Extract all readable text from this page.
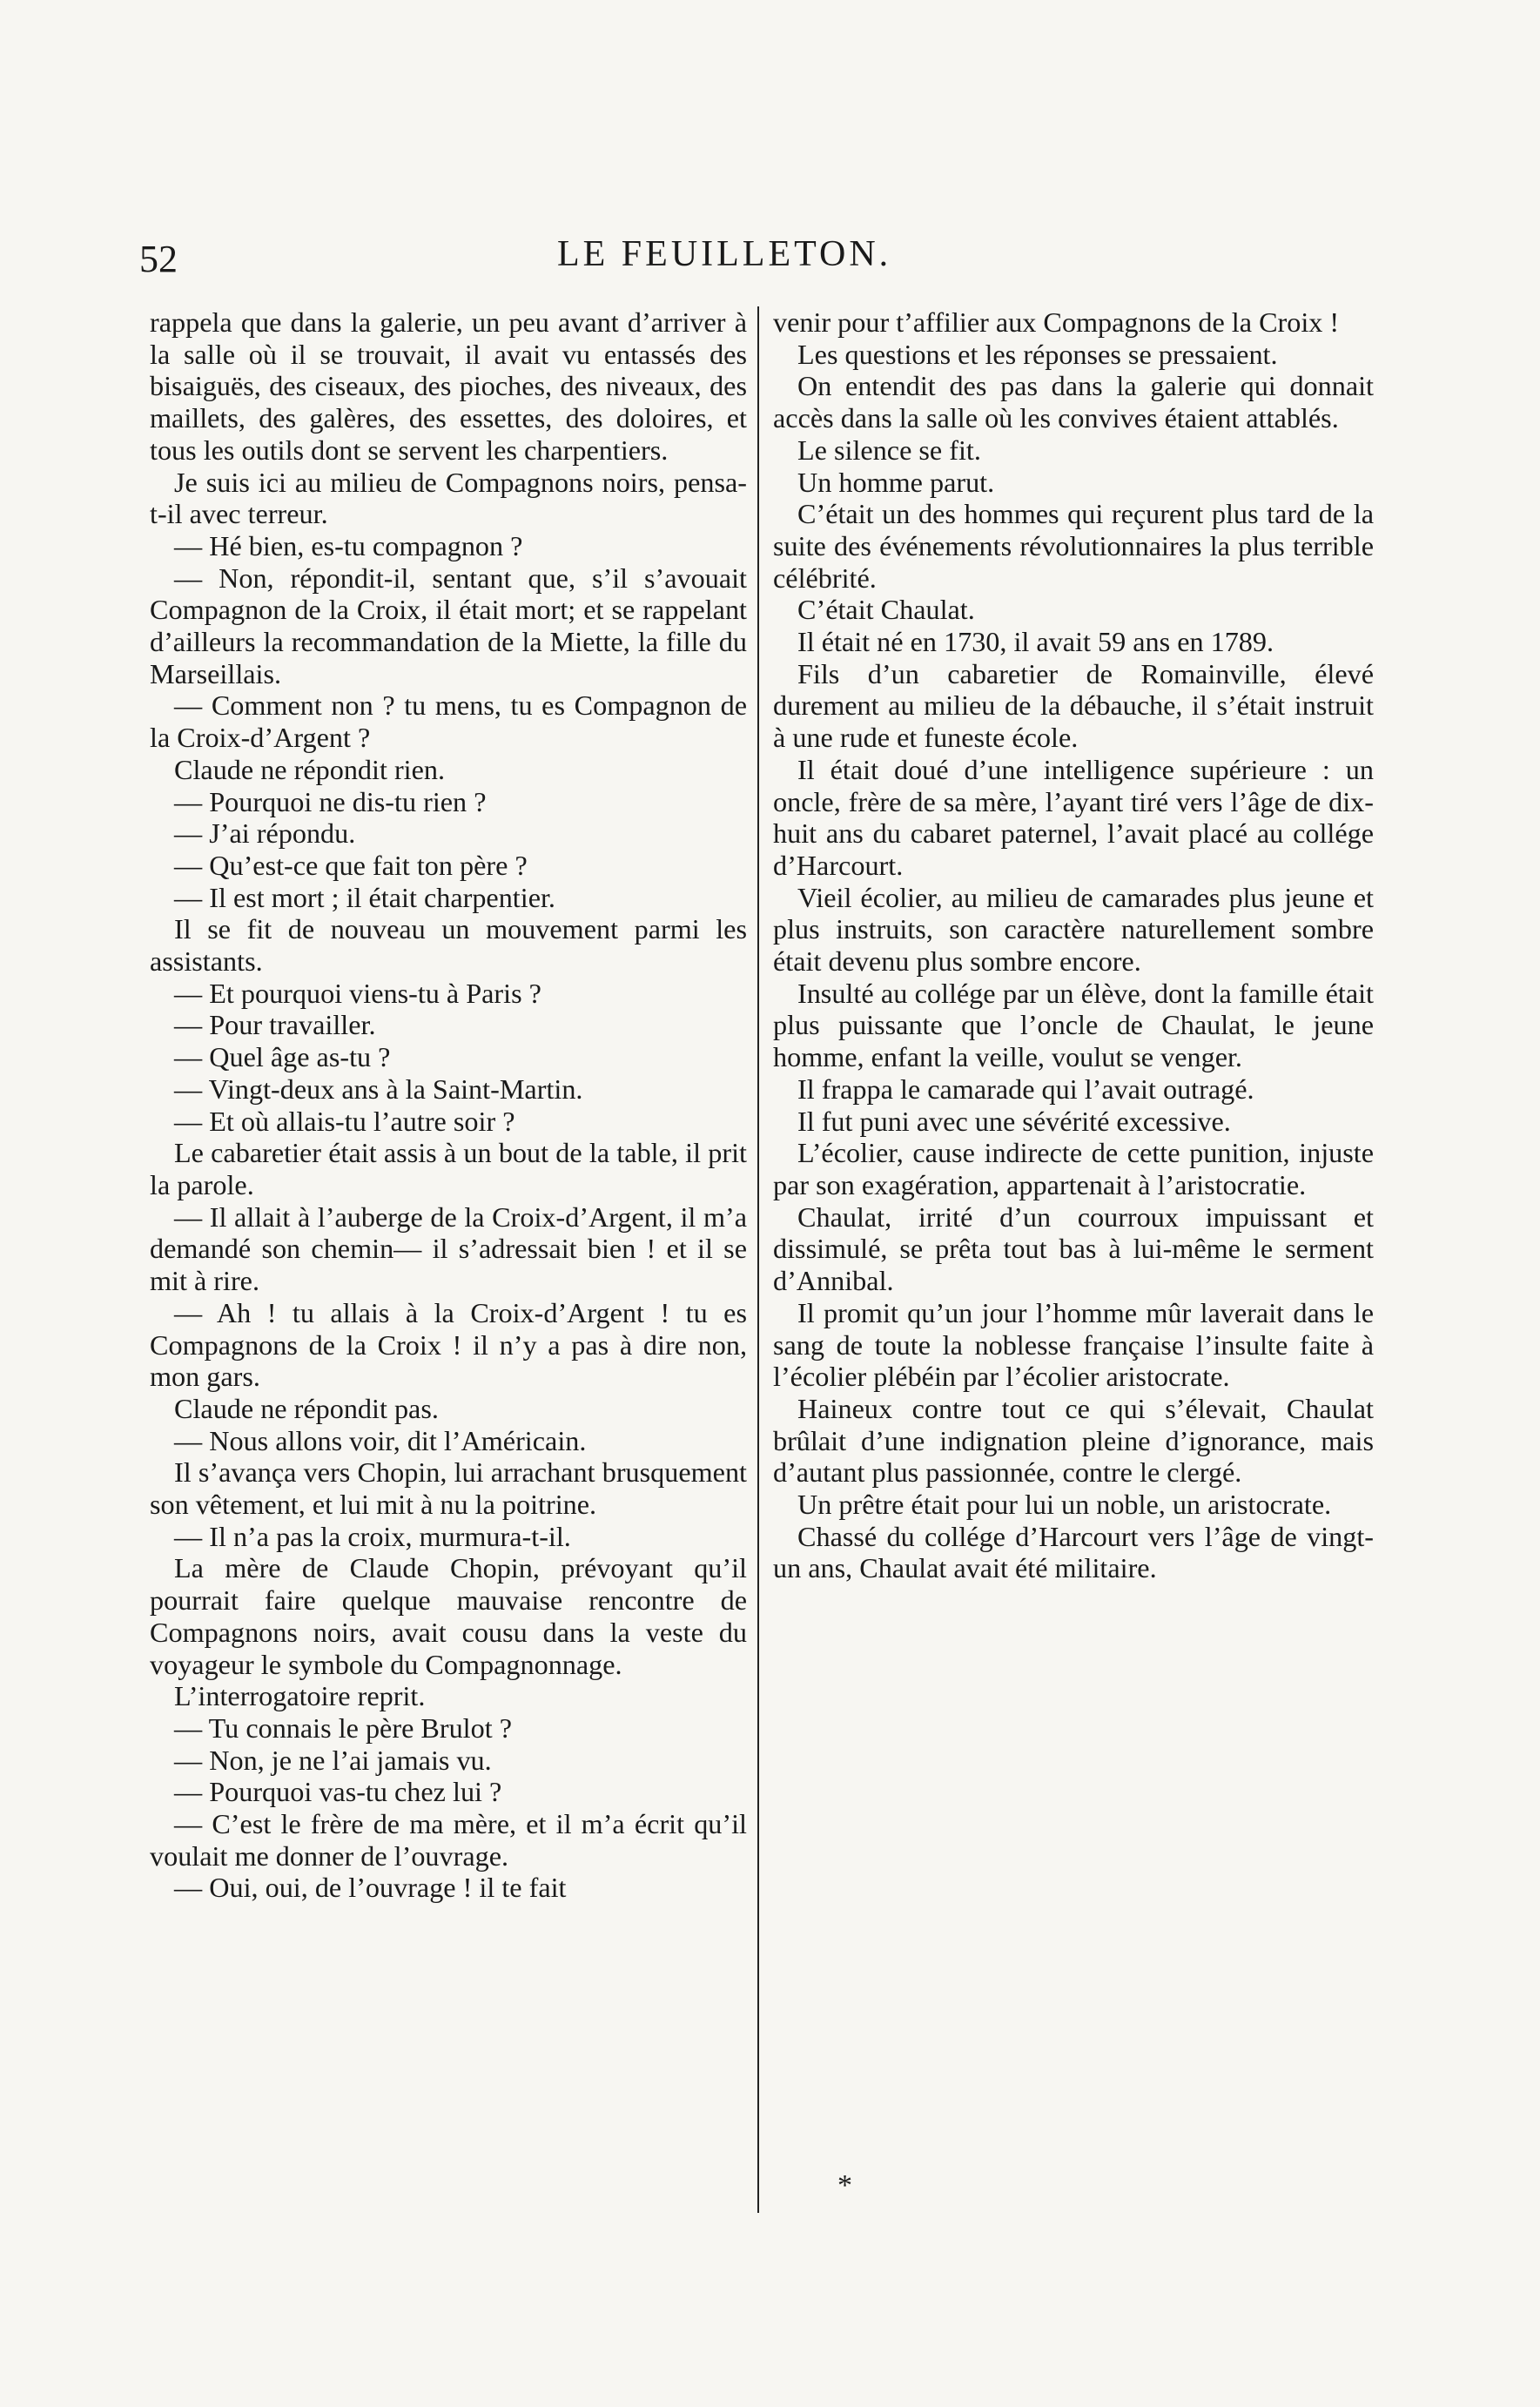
52	LE FEUILLETON.

rappela que dans la galerie, un peu avant d’arriver à la salle où il se trouvait, il avait vu entassés des bisaiguës, des ciseaux, des pioches, des niveaux, des maillets, des galères, des essettes, des doloires, et tous les outils dont se servent les charpentiers.

Je suis ici au milieu de Compagnons noirs, pensa-t-il avec terreur.

— Hé bien, es-tu compagnon ?

— Non, répondit-il, sentant que, s’il s’avouait Compagnon de la Croix, il était mort; et se rappelant d’ailleurs la recommandation de la Miette, la fille du Marseillais.

— Comment non ? tu mens, tu es Compagnon de la Croix-d’Argent ?

Claude ne répondit rien.

— Pourquoi ne dis-tu rien ?

— J’ai répondu.

— Qu’est-ce que fait ton père ?

— Il est mort ; il était charpentier.

Il se fit de nouveau un mouvement parmi les assistants.

— Et pourquoi viens-tu à Paris ?

— Pour travailler.

— Quel âge as-tu ?

— Vingt-deux ans à la Saint-Martin.

— Et où allais-tu l’autre soir ?

Le cabaretier était assis à un bout de la table, il prit la parole.

— Il allait à l’auberge de la Croix-d’Argent, il m’a demandé son chemin— il s’adressait bien ! et il se mit à rire.

— Ah ! tu allais à la Croix-d’Argent ! tu es Compagnons de la Croix ! il n’y a pas à dire non, mon gars.

Claude ne répondit pas.

— Nous allons voir, dit l’Américain.

Il s’avança vers Chopin, lui arrachant brusquement son vêtement, et lui mit à nu la poitrine.

— Il n’a pas la croix, murmura-t-il.

La mère de Claude Chopin, prévoyant qu’il pourrait faire quelque mauvaise rencontre de Compagnons noirs, avait cousu dans la veste du voyageur le symbole du Compagnonnage.

L’interrogatoire reprit.

— Tu connais le père Brulot ?

— Non, je ne l’ai jamais vu.

— Pourquoi vas-tu chez lui ?

— C’est le frère de ma mère, et il m’a écrit qu’il voulait me donner de l’ouvrage.

— Oui, oui, de l’ouvrage ! il te fait

venir pour t’affilier aux Compagnons de la Croix !

Les questions et les réponses se pressaient.

On entendit des pas dans la galerie qui donnait accès dans la salle où les convives étaient attablés.

Le silence se fit.

Un homme parut.

C’était un des hommes qui reçurent plus tard de la suite des événements révolutionnaires la plus terrible célébrité.

C’était Chaulat.

Il était né en 1730, il avait 59 ans en 1789.

Fils d’un cabaretier de Romainville, élevé durement au milieu de la débauche, il s’était instruit à une rude et funeste école.

Il était doué d’une intelligence supérieure : un oncle, frère de sa mère, l’ayant tiré vers l’âge de dix-huit ans du cabaret paternel, l’avait placé au collége d’Harcourt.

Vieil écolier, au milieu de camarades plus jeune et plus instruits, son caractère naturellement sombre était devenu plus sombre encore.

Insulté au collége par un élève, dont la famille était plus puissante que l’oncle de Chaulat, le jeune homme, enfant la veille, voulut se venger.

Il frappa le camarade qui l’avait outragé.

Il fut puni avec une sévérité excessive.

L’écolier, cause indirecte de cette punition, injuste par son exagération, appartenait à l’aristocratie.

Chaulat, irrité d’un courroux impuissant et dissimulé, se prêta tout bas à lui-même le serment d’Annibal.

Il promit qu’un jour l’homme mûr laverait dans le sang de toute la noblesse française l’insulte faite à l’écolier plébéin par l’écolier aristocrate.

Haineux contre tout ce qui s’élevait, Chaulat brûlait d’une indignation pleine d’ignorance, mais d’autant plus passionnée, contre le clergé.

Un prêtre était pour lui un noble, un aristocrate.

Chassé du collége d’Harcourt vers l’âge de vingt-un ans, Chaulat avait été militaire.

*
